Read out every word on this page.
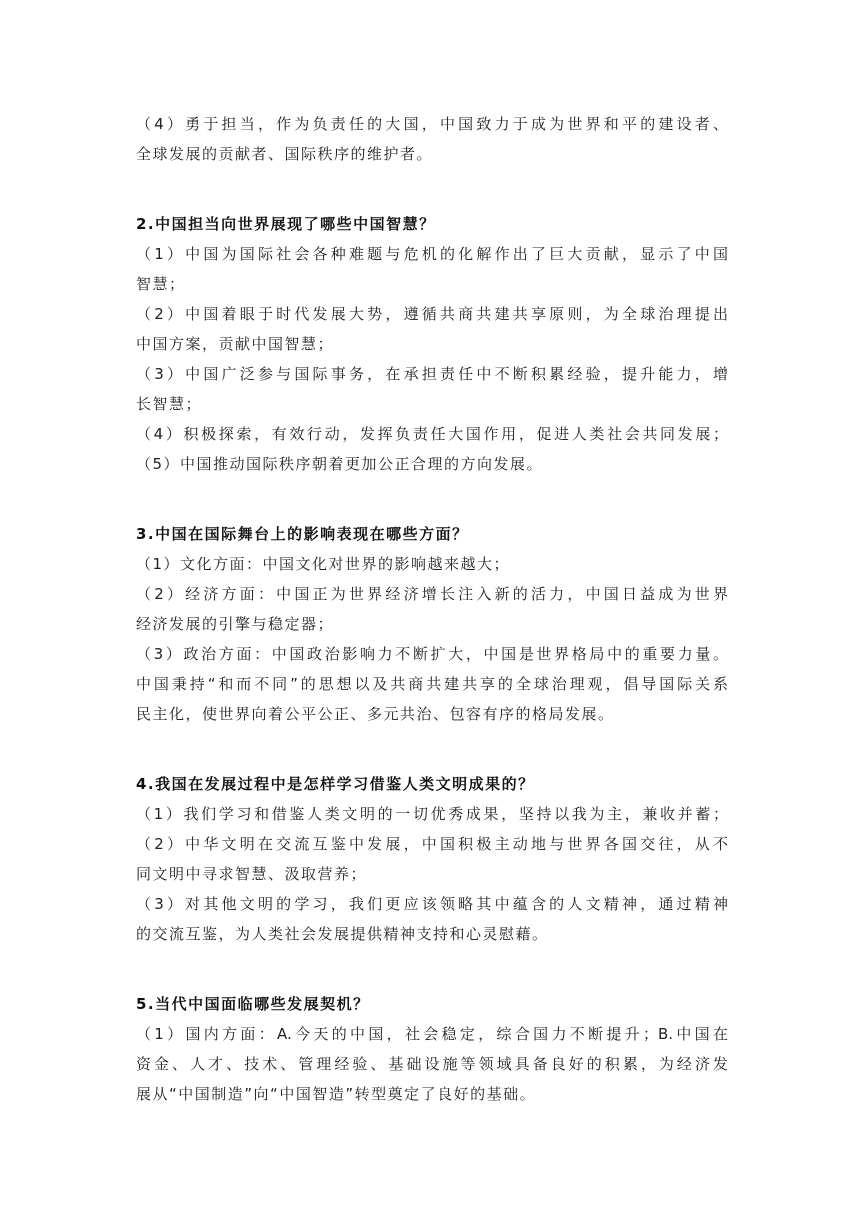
（4）勇于担当，作为负责任的大国，中国致力于成为世界和平的建设者、
全球发展的贡献者、国际秩序的维护者。
2.中国担当向世界展现了哪些中国智慧？
（1）中国为国际社会各种难题与危机的化解作出了巨大贡献，显示了中国
智慧；
（2）中国着眼于时代发展大势，遵循共商共建共享原则，为全球治理提出
中国方案，贡献中国智慧；
（3）中国广泛参与国际事务，在承担责任中不断积累经验，提升能力，增
长智慧；
（4）积极探索，有效行动，发挥负责任大国作用，促进人类社会共同发展；
（5）中国推动国际秩序朝着更加公正合理的方向发展。
3.中国在国际舞台上的影响表现在哪些方面？
（1）文化方面：中国文化对世界的影响越来越大；
（2）经济方面：中国正为世界经济增长注入新的活力，中国日益成为世界
经济发展的引擎与稳定器；
（3）政治方面：中国政治影响力不断扩大，中国是世界格局中的重要力量。
中国秉持“和而不同”的思想以及共商共建共享的全球治理观，倡导国际关系
民主化，使世界向着公平公正、多元共治、包容有序的格局发展。
4.我国在发展过程中是怎样学习借鉴人类文明成果的？
（1）我们学习和借鉴人类文明的一切优秀成果，坚持以我为主，兼收并蓄；
（2）中华文明在交流互鉴中发展，中国积极主动地与世界各国交往，从不
同文明中寻求智慧、汲取营养；
（3）对其他文明的学习，我们更应该领略其中蕴含的人文精神，通过精神
的交流互鉴，为人类社会发展提供精神支持和心灵慰藉。
5.当代中国面临哪些发展契机？
（1）国内方面：A.今天的中国，社会稳定，综合国力不断提升；B.中国在
资金、人才、技术、管理经验、基础设施等领域具备良好的积累，为经济发
展从“中国制造”向“中国智造”转型奠定了良好的基础。
